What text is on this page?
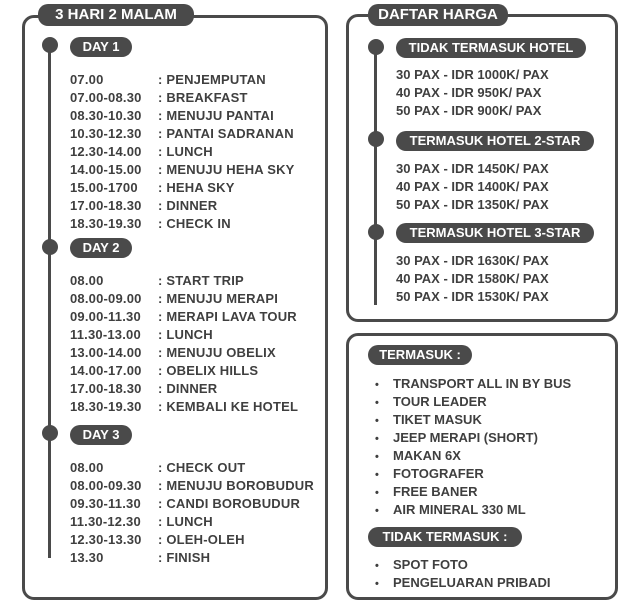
3 HARI 2 MALAM
DAY 1
DAY 2
DAY 3
07.00	: PENJEMPUTAN
07.00-08.30 : BREAKFAST
08.30-10.30 : MENUJU PANTAI
10.30-12.30 : PANTAI SADRANAN
12.30-14.00 : LUNCH
14.00-15.00 : MENUJU HEHA SKY
15.00-1700 : HEHA SKY
17.00-18.30 : DINNER
18.30-19.30 : CHECK IN
08.00	: START TRIP
08.00-09.00 : MENUJU MERAPI
09.00-11.30 : MERAPI LAVA TOUR
11.30-13.00 : LUNCH
13.00-14.00 : MENUJU OBELIX
14.00-17.00 : OBELIX HILLS
17.00-18.30 : DINNER
18.30-19.30 : KEMBALI KE HOTEL
08.00	: CHECK OUT
08.00-09.30 : MENUJU BOROBUDUR
09.30-11.30 : CANDI BOROBUDUR
11.30-12.30 : LUNCH
12.30-13.30 : OLEH-OLEH
13.30	: FINISH
DAFTAR HARGA
TIDAK TERMASUK HOTEL
TERMASUK HOTEL 2-STAR
TERMASUK HOTEL 3-STAR
30 PAX - IDR 1000K/ PAX
40 PAX - IDR 950K/ PAX
50 PAX - IDR 900K/ PAX
30 PAX - IDR 1450K/ PAX
40 PAX - IDR 1400K/ PAX
50 PAX - IDR 1350K/ PAX
30 PAX - IDR 1630K/ PAX
40 PAX - IDR 1580K/ PAX
50 PAX - IDR 1530K/ PAX
TERMASUK :
TIDAK TERMASUK :
• TRANSPORT ALL IN BY BUS
• TOUR LEADER
• TIKET MASUK
• JEEP MERAPI (SHORT)
• MAKAN 6X
• FOTOGRAFER
• FREE BANER
• AIR MINERAL 330 ML
• SPOT FOTO
• PENGELUARAN PRIBADI
